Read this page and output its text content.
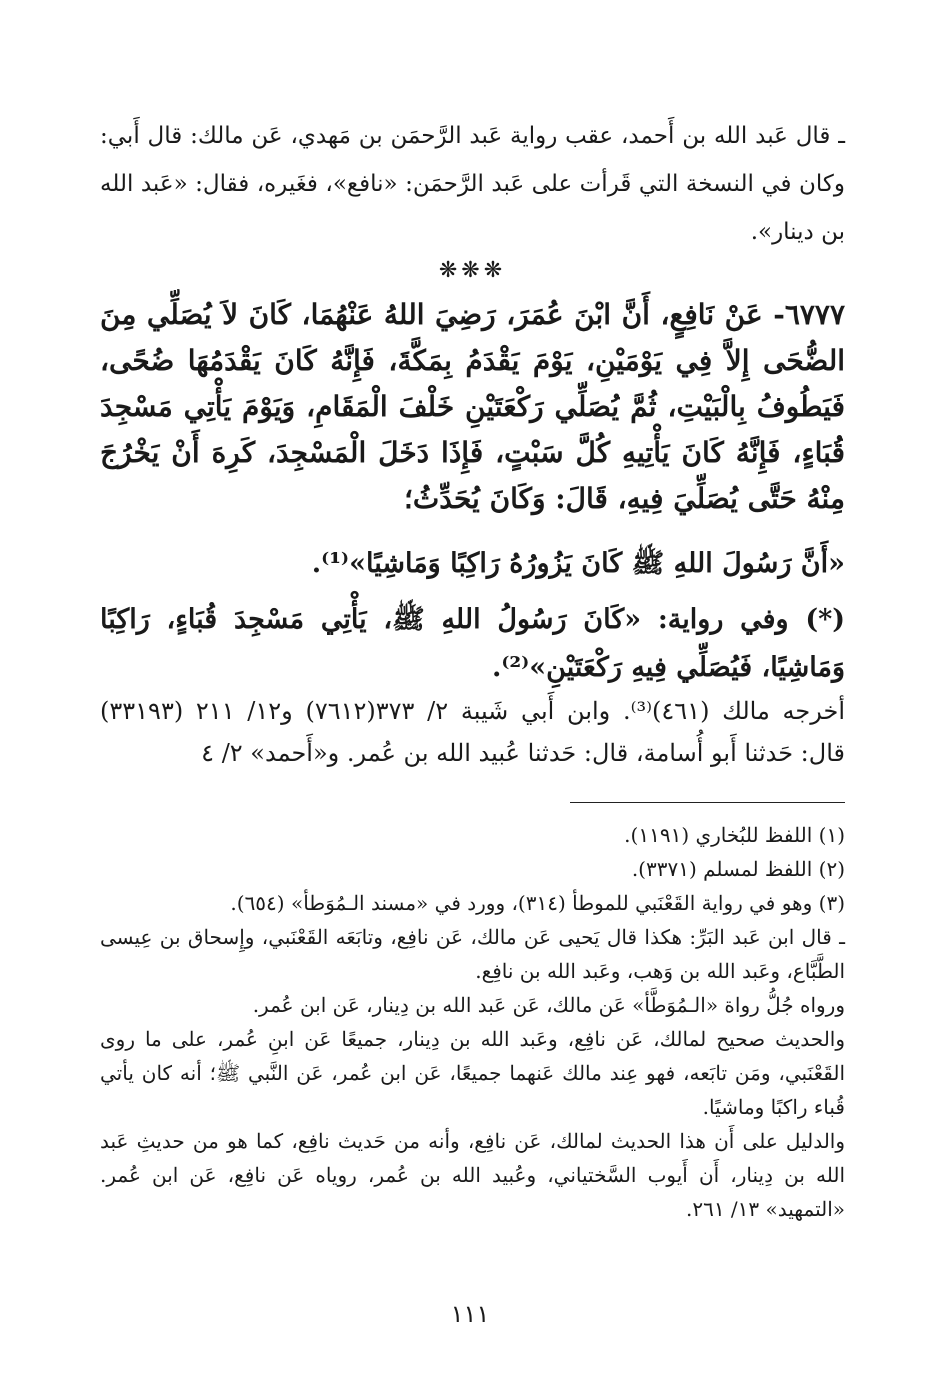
ـ قال عَبد الله بن أَحمد، عقب رواية عَبد الرَّحمَن بن مَهدي، عَن مالك: قال أَبي: وكان في النسخة التي قَرأت على عَبد الرَّحمَن: «نافع»، فغَيره، فقال: «عَبد الله بن دينار».

❋❋❋

٦٧٧٧- عَنْ نَافِعٍ، أَنَّ ابْنَ عُمَرَ، رَضِيَ اللهُ عَنْهُمَا، كَانَ لاَ يُصَلِّي مِنَ الضُّحَى إِلاَّ فِي يَوْمَيْنِ، يَوْمَ يَقْدَمُ بِمَكَّةَ، فَإِنَّهُ كَانَ يَقْدَمُهَا ضُحًى، فَيَطُوفُ بِالْبَيْتِ، ثُمَّ يُصَلِّي رَكْعَتَيْنِ خَلْفَ الْمَقَامِ، وَيَوْمَ يَأْتِي مَسْجِدَ قُبَاءٍ، فَإِنَّهُ كَانَ يَأْتِيهِ كُلَّ سَبْتٍ، فَإِذَا دَخَلَ الْمَسْجِدَ، كَرِهَ أَنْ يَخْرُجَ مِنْهُ حَتَّى يُصَلِّيَ فِيهِ، قَالَ: وَكَانَ يُحَدِّثُ؛

«أَنَّ رَسُولَ اللهِ ﷺ كَانَ يَزُورُهُ رَاكِبًا وَمَاشِيًا»⁽¹⁾.

(*) وفي رواية: «كَانَ رَسُولُ اللهِ ﷺ، يَأْتِي مَسْجِدَ قُبَاءٍ، رَاكِبًا وَمَاشِيًا، فَيُصَلِّي فِيهِ رَكْعَتَيْنِ»⁽²⁾.

أخرجه مالك (٤٦١)⁽³⁾. وابن أَبي شَيبة ٢/ ٣٧٣(٧٦١٢) و١٢/ ٢١١ (٣٣١٩٣) قال: حَدثنا أَبو أُسامة، قال: حَدثنا عُبيد الله بن عُمر. و«أَحمد» ٢/ ٤

(١) اللفظ للبُخاري (١١٩١).

(٢) اللفظ لمسلم (٣٣٧١).

(٣) وهو في رواية القَعْنَبي للموطأ (٣١٤)، وورد في «مسند الـمُوَطأ» (٦٥٤).

ـ قال ابن عَبد البَرِّ: هكذا قال يَحيى عَن مالك، عَن نافِع، وتابَعَه القَعْنَبي، وإِسحاق بن عِيسى الطَّبَّاع، وعَبد الله بن وَهب، وعَبد الله بن نافِع.

ورواه جُلُّ رواة «الـمُوَطَّأ» عَن مالك، عَن عَبد الله بن دِينار، عَن ابن عُمر.

والحديث صحيح لمالك، عَن نافِع، وعَبد الله بن دِينار، جميعًا عَن ابنِ عُمر، على ما روى القَعْنَبي، ومَن تابَعه، فهو عِند مالك عَنهما جميعًا، عَن ابن عُمر، عَن النَّبي ﷺ؛ أنه كان يأتي قُباء راكبًا وماشيًا.

والدليل على أَن هذا الحديث لمالك، عَن نافِع، وأنه من حَديث نافِع، كما هو من حديثِ عَبد الله بن دِينار، أَن أَيوب السَّختياني، وعُبيد الله بن عُمر، روياه عَن نافِع، عَن ابن عُمر. «التمهيد» ١٣/ ٢٦١.

١١١
